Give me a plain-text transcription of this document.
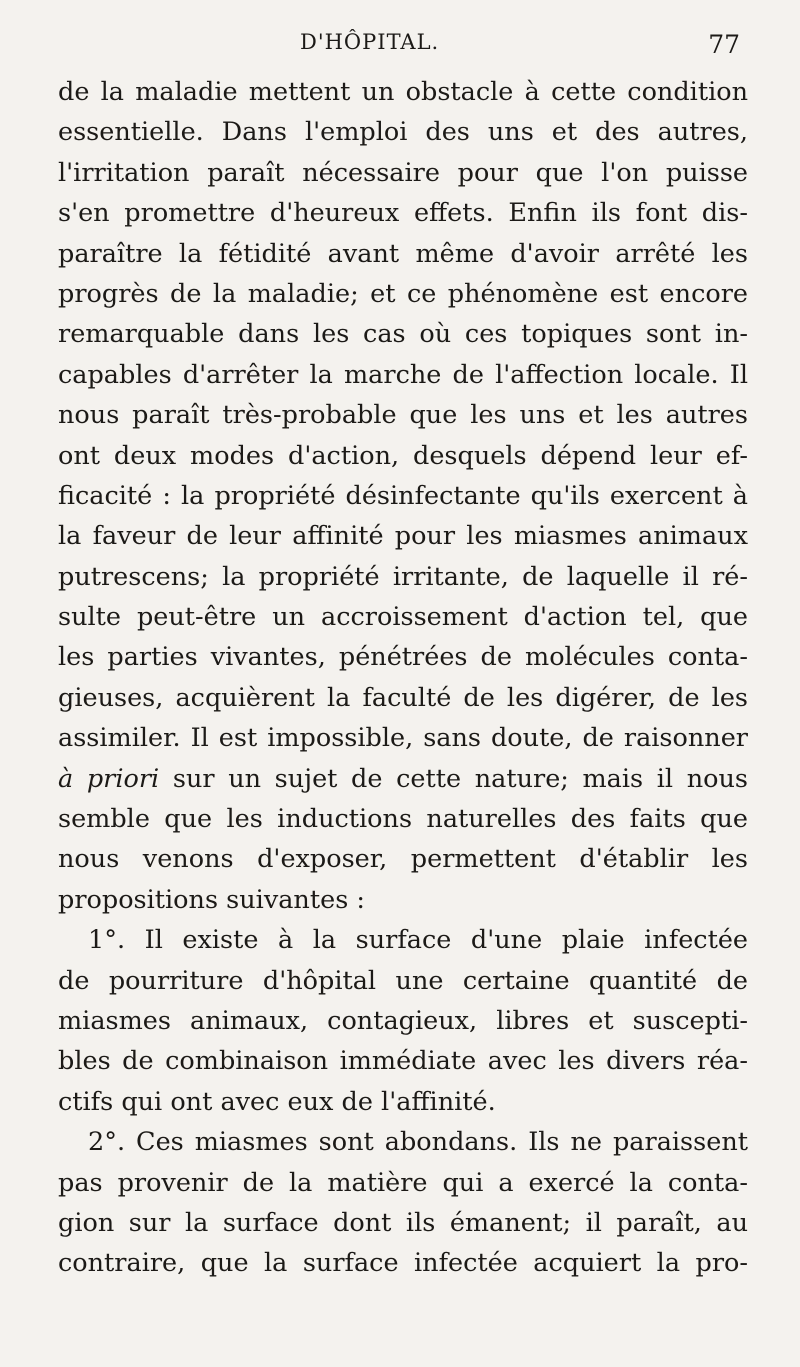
D'HÔPITAL.	77
de la maladie mettent un obstacle à cette condition
essentielle. Dans l'emploi des uns et des autres,
l'irritation paraît nécessaire pour que l'on puisse
s'en promettre d'heureux effets. Enfin ils font dis-
paraître la fétidité avant même d'avoir arrêté les
progrès de la maladie; et ce phénomène est encore
remarquable dans les cas où ces topiques sont in-
capables d'arrêter la marche de l'affection locale. Il
nous paraît très-probable que les uns et les autres
ont deux modes d'action, desquels dépend leur ef-
ficacité : la propriété désinfectante qu'ils exercent à
la faveur de leur affinité pour les miasmes animaux
putrescens; la propriété irritante, de laquelle il ré-
sulte peut-être un accroissement d'action tel, que
les parties vivantes, pénétrées de molécules conta-
gieuses, acquièrent la faculté de les digérer, de les
assimiler. Il est impossible, sans doute, de raisonner
à priori sur un sujet de cette nature; mais il nous
semble que les inductions naturelles des faits que
nous venons d'exposer, permettent d'établir les
propositions suivantes :
1°. Il existe à la surface d'une plaie infectée
de pourriture d'hôpital une certaine quantité de
miasmes animaux, contagieux, libres et suscepti-
bles de combinaison immédiate avec les divers réa-
ctifs qui ont avec eux de l'affinité.
2°. Ces miasmes sont abondans. Ils ne paraissent
pas provenir de la matière qui a exercé la conta-
gion sur la surface dont ils émanent; il paraît, au
contraire, que la surface infectée acquiert la pro-
